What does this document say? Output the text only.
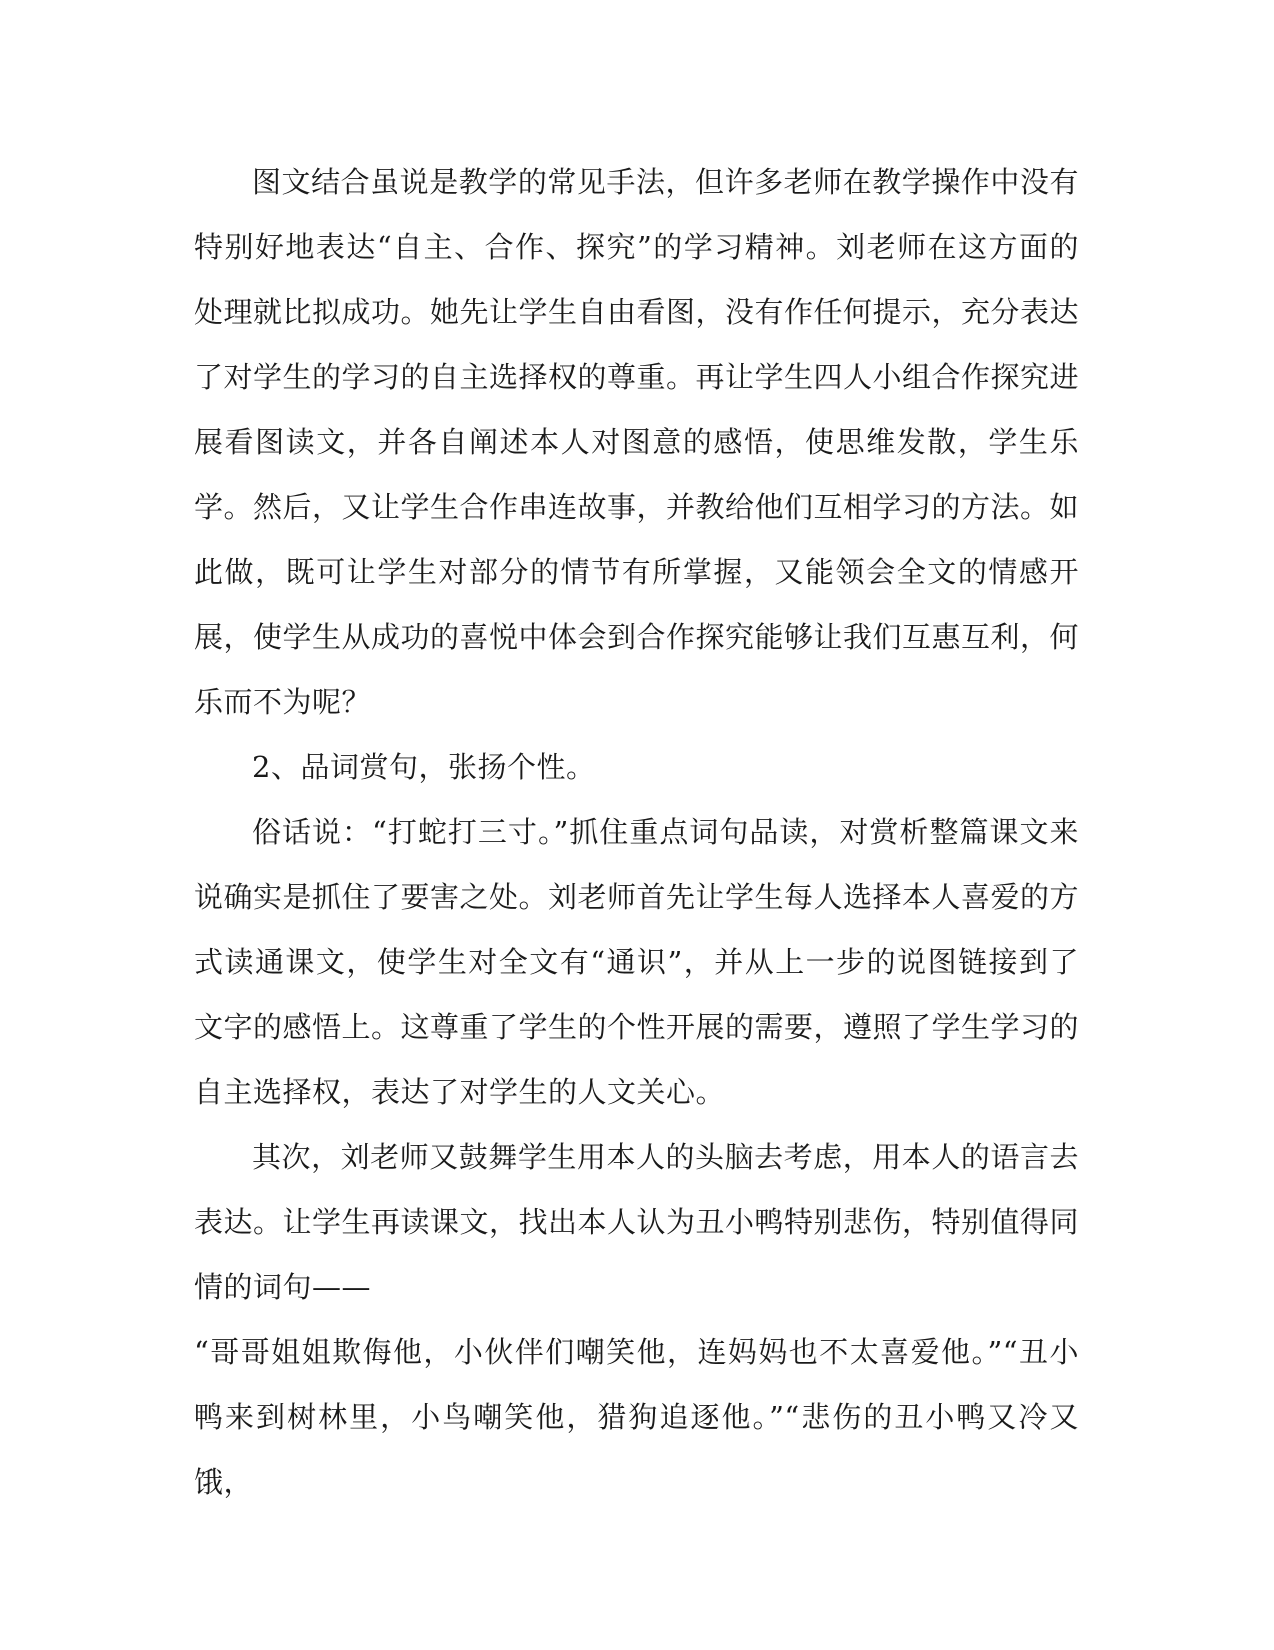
图文结合虽说是教学的常见手法，但许多老师在教学操作中没有特别好地表达“自主、合作、探究”的学习精神。刘老师在这方面的处理就比拟成功。她先让学生自由看图，没有作任何提示，充分表达了对学生的学习的自主选择权的尊重。再让学生四人小组合作探究进展看图读文，并各自阐述本人对图意的感悟，使思维发散，学生乐学。然后，又让学生合作串连故事，并教给他们互相学习的方法。如此做，既可让学生对部分的情节有所掌握，又能领会全文的情感开展，使学生从成功的喜悦中体会到合作探究能够让我们互惠互利，何乐而不为呢？

2、品词赏句，张扬个性。

俗话说：“打蛇打三寸。”抓住重点词句品读，对赏析整篇课文来说确实是抓住了要害之处。刘老师首先让学生每人选择本人喜爱的方式读通课文，使学生对全文有“通识”，并从上一步的说图链接到了文字的感悟上。这尊重了学生的个性开展的需要，遵照了学生学习的自主选择权，表达了对学生的人文关心。

其次，刘老师又鼓舞学生用本人的头脑去考虑，用本人的语言去表达。让学生再读课文，找出本人认为丑小鸭特别悲伤，特别值得同情的词句——

“哥哥姐姐欺侮他，小伙伴们嘲笑他，连妈妈也不太喜爱他。”“丑小鸭来到树林里，小鸟嘲笑他，猎狗追逐他。”“悲伤的丑小鸭又冷又饿，
